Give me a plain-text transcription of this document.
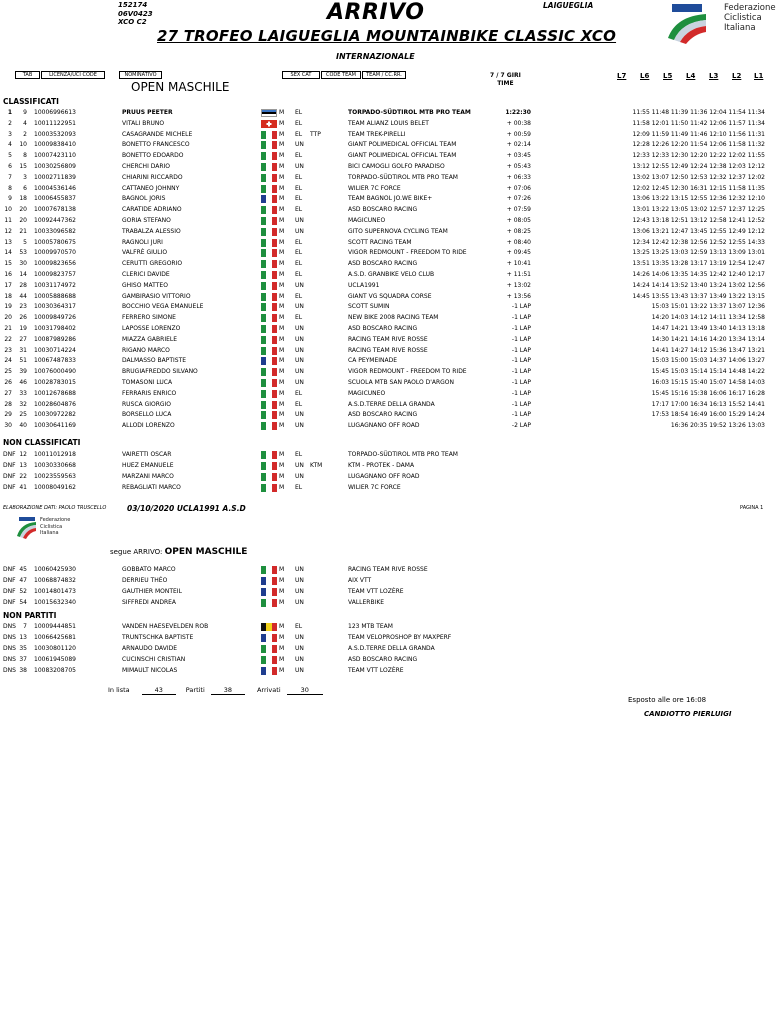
152174
06V0423
XCO C2	ARRIVO	LAIGUEGLIA
27 TROFEO LAIGUEGLIA MOUNTAINBIKE CLASSIC XCO
INTERNAZIONALE
Federazione
Ciclistica
Italiana
TAB	LICENZA/UCI CODE	NOMINATIVO	SEX CAT	CODE TEAM	TEAM / CC.RR.
OPEN MASCHILE
7 / 7 GIRI
TIME
L7 L6 L5 L4 L3 L2 L1
CLASSIFICATI
1	9 10006996613	PRUUS PEETER	M EL	TORPADO-SÜDTIROL MTB PRO TEAM	1:22:30	11:55 11:48 11:39 11:36 12:04 11:54 11:34
2	4 10011122951	VITALI BRUNO	M EL	TEAM ALIANZ LOUIS BELET	+ 00:38	11:58 12:01 11:50 11:42 12:06 11:57 11:34
3	2 10003532093	CASAGRANDE MICHELE	M EL TTP	TEAM TREK-PIRELLI	+ 00:59	12:09 11:59 11:49 11:46 12:10 11:56 11:31
4	10 10009838410	BONETTO FRANCESCO	M UN	GIANT POLIMEDICAL OFFICIAL TEAM	+ 02:14	12:28 12:26 12:20 11:54 12:06 11:58 11:32
5	8 10007423110	BONETTO EDOARDO	M EL	GIANT POLIMEDICAL OFFICIAL TEAM	+ 03:45	12:33 12:33 12:30 12:20 12:22 12:02 11:55
6	15 10030256809	CHERCHI DARIO	M UN	BICI CAMOGLI GOLFO PARADISO	+ 05:43	13:12 12:55 12:49 12:24 12:38 12:03 12:12
7	3 10002711839	CHIARINI RICCARDO	M EL	TORPADO-SÜDTIROL MTB PRO TEAM	+ 06:33	13:02 13:07 12:50 12:53 12:32 12:37 12:02
8	6 10004536146	CATTANEO JOHNNY	M EL	WILIER 7C FORCE	+ 07:06	12:02 12:45 12:30 16:31 12:15 11:58 11:35
9	18 10006455837	BAGNOL JORIS	M EL	TEAM BAGNOL JO.WE BIKE+	+ 07:26	13:06 13:22 13:15 12:55 12:36 12:32 12:10
10	20 10007678138	CARATIDE ADRIANO	M EL	ASD BOSCARO RACING	+ 07:59	13:01 13:22 13:05 13:02 12:57 12:37 12:25
11	20 10092447362	GORIA STEFANO	M UN	MAGICUNEO	+ 08:05	12:43 13:18 12:51 13:12 12:58 12:41 12:52
12	21 10033096582	TRABALZA ALESSIO	M UN	GITO SUPERNOVA CYCLING TEAM	+ 08:25	13:06 13:21 12:47 13:45 12:55 12:49 12:12
13	5 10005780675	RAGNOLI JURI	M EL	SCOTT RACING TEAM	+ 08:40	12:34 12:42 12:38 12:56 12:52 12:55 14:33
14	53 10009970570	VALFRÈ GIULIO	M EL	VIGOR REDMOUNT - FREEDOM TO RIDE	+ 09:45	13:25 13:25 13:03 12:59 13:13 13:09 13:01
15	30 10009823656	CERUTTI GREGORIO	M EL	ASD BOSCARO RACING	+ 10:41	13:51 13:35 13:28 13:17 13:19 12:54 12:47
16	14 10009823757	CLERICI DAVIDE	M EL	A.S.D. GRANBIKE VELO CLUB	+ 11:51	14:26 14:06 13:35 14:35 12:42 12:40 12:17
17	28 10031174972	GHISO MATTEO	M UN	UCLA1991	+ 13:02	14:24 14:14 13:52 13:40 13:24 13:02 12:56
18	44 10005888688	GAMBIRASIO VITTORIO	M EL	GIANT VG SQUADRA CORSE	+ 13:56	14:45 13:55 13:43 13:37 13:49 13:22 13:15
19	23 10030364317	BOCCHIO VEGA EMANUELE	M UN	SCOTT SUMIN	-1 LAP	15:03 15:01 13:22 13:37 13:07 12:36
20	26 10009849726	FERRERO SIMONE	M EL	NEW BIKE 2008 RACING TEAM	-1 LAP	14:20 14:03 14:12 14:11 13:34 12:58
21	19 10031798402	LAPOSSE LORENZO	M UN	ASD BOSCARO RACING	-1 LAP	14:47 14:21 13:49 13:40 14:13 13:18
22	27 10087989286	MIAZZA GABRIELE	M UN	RACING TEAM RIVE ROSSE	-1 LAP	14:30 14:21 14:16 14:20 13:34 13:14
23	31 10030714224	RIGANO MARCO	M UN	RACING TEAM RIVE ROSSE	-1 LAP	14:41 14:27 14:12 15:36 13:47 13:21
24	51 10067487833	DALMASSO BAPTISTE	M UN	CA PEYMEINADE	-1 LAP	15:03 15:00 15:03 14:37 14:06 13:27
25	39 10076000490	BRUGIAFREDDO SILVANO	M UN	VIGOR REDMOUNT - FREEDOM TO RIDE	-1 LAP	15:45 15:03 15:14 15:14 14:48 14:22
26	46 10028783015	TOMASONI LUCA	M UN	SCUOLA MTB SAN PAOLO D'ARGON	-1 LAP	16:03 15:15 15:40 15:07 14:58 14:03
27	33 10012678688	FERRARIS ENRICO	M EL	MAGICUNEO	-1 LAP	15:45 15:16 15:38 16:06 16:17 16:28
28	32 10028604876	RUSCA GIORGIO	M EL	A.S.D.TERRE DELLA GRANDA	-1 LAP	17:17 17:00 16:34 16:13 15:52 14:41
29	25 10030972282	BORSELLO LUCA	M UN	ASD BOSCARO RACING	-1 LAP	17:53 18:54 16:49 16:00 15:29 14:24
30	40 10030641169	ALLODI LORENZO	M UN	LUGAGNANO OFF ROAD	-2 LAP	16:36 20:35 19:52 13:26 13:03
NON CLASSIFICATI
DNF 12 10011012918	VAIRETTI OSCAR	M EL	TORPADO-SÜDTIROL MTB PRO TEAM
DNF 13 10030330668	HUEZ EMANUELE	M UN KTM	KTM - PROTEK - DAMA
DNF 22 10023559563	MARZANI MARCO	M UN	LUGAGNANO OFF ROAD
DNF 41 10008049162	REBAGLIATI MARCO	M EL	WILIER 7C FORCE
ELABORAZIONE DATI: PAOLO TRUSCELLO	03/10/2020 UCLA1991 A.S.D	PAGINA 1
Federazione
Ciclistica
Italiana
segue ARRIVO: OPEN MASCHILE
DNF 45 10060425930	GOBBATO MARCO	M UN	RACING TEAM RIVE ROSSE
DNF 47 10068874832	DERRIEU THÉO	M UN	AIX VTT
DNF 52 10014801473	GAUTHIER MONTEIL	M UN	TEAM VTT LOZÈRE
DNF 54 10015632340	SIFFREDI ANDREA	M UN	VALLERBIKE
NON PARTITI
DNS	7 10009444851	VANDEN HAESEVELDEN ROB	M EL	123 MTB TEAM
DNS 13 10066425681	TRUNTSCHKA BAPTISTE	M UN	TEAM VELOPROSHOP BY MAXPERF
DNS 35 10030801120	ARNAUDO DAVIDE	M UN	A.S.D.TERRE DELLA GRANDA
DNS 37 10061945089	CUCINSCHI CRISTIAN	M UN	ASD BOSCARO RACING
DNS 38 10083208705	MIMAULT NICOLAS	M UN	TEAM VTT LOZÈRE
In lista	43	Partiti	38	Arrivati	30
Esposto alle ore 16:08
CANDIOTTO PIERLUIGI
